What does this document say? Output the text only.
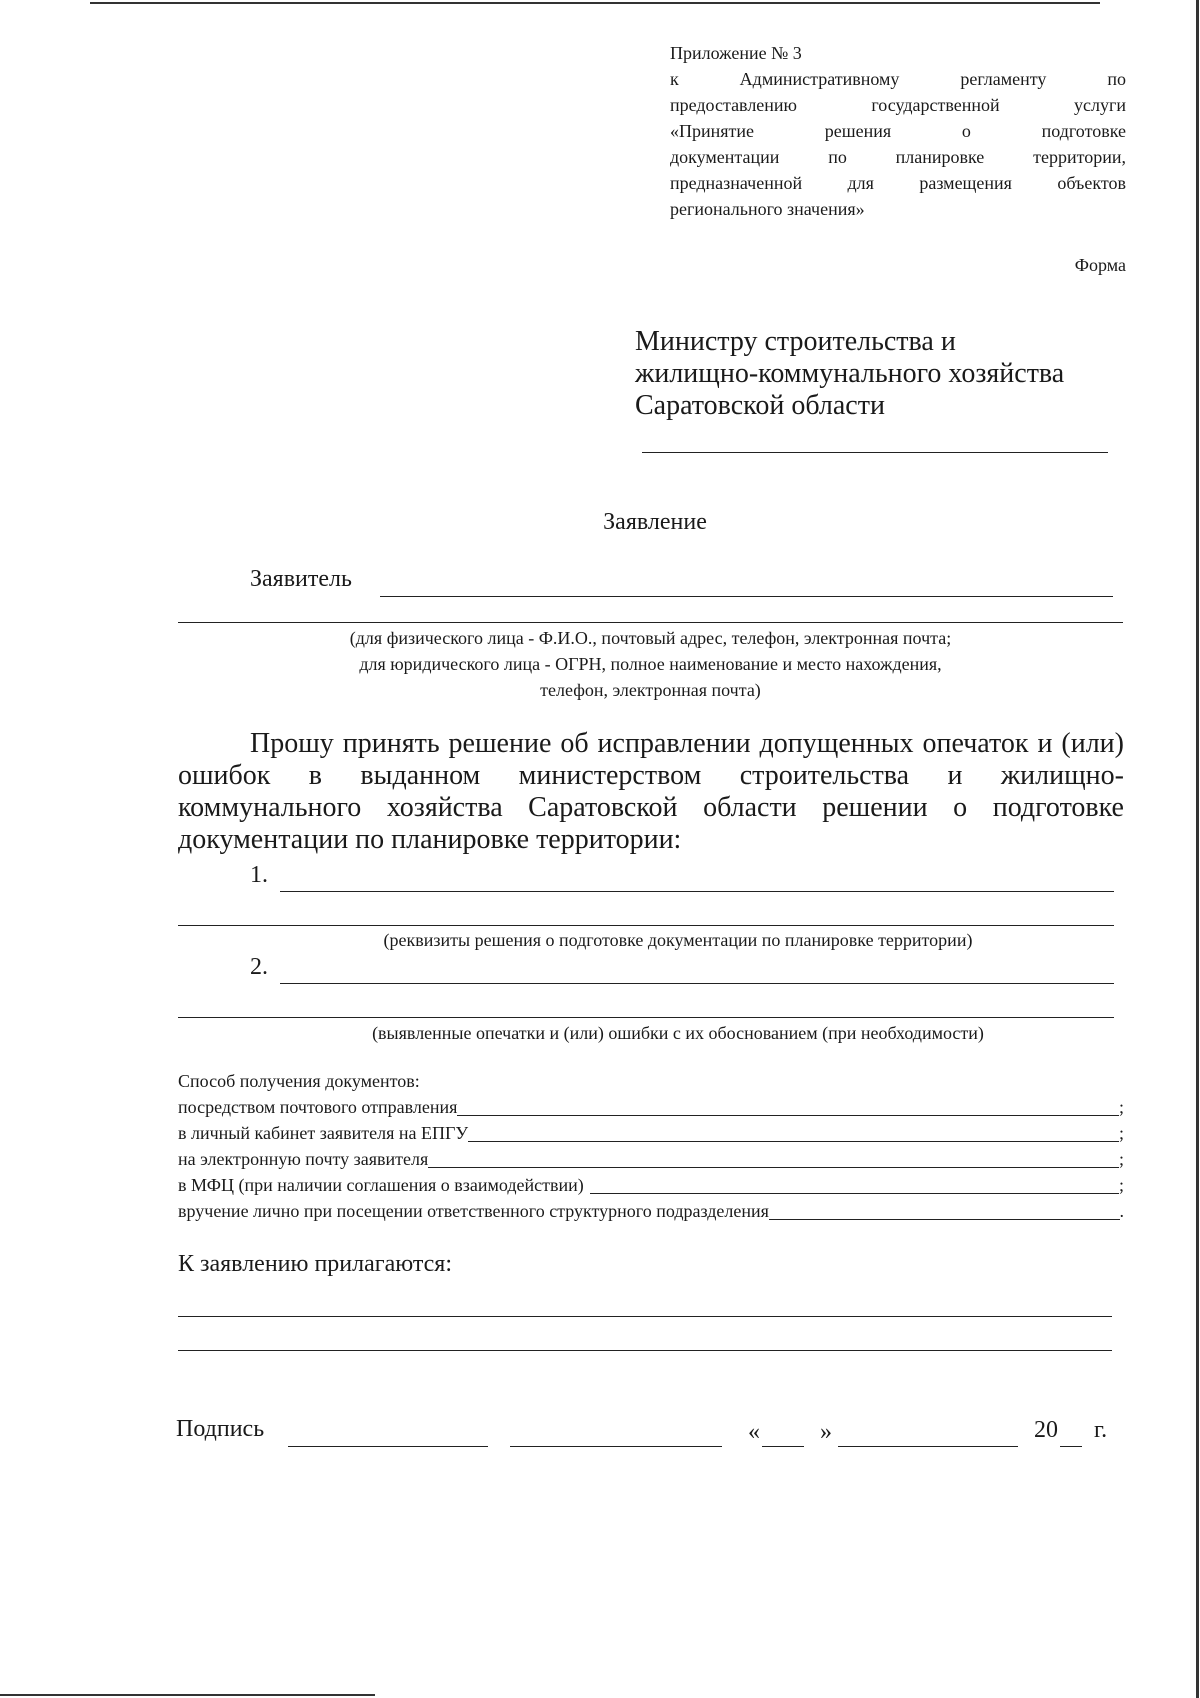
Приложение № 3
к Административному регламенту по
предоставлению государственной услуги
«Принятие решения о подготовке
документации по планировке территории,
предназначенной для размещения объектов
регионального значения»
Форма
Министру строительства и
жилищно-коммунального хозяйства
Саратовской области
Заявление
Заявитель
(для физического лица - Ф.И.О., почтовый адрес, телефон, электронная почта;
для юридического лица - ОГРН, полное наименование и место нахождения,
телефон, электронная почта)
Прошу принять решение об исправлении допущенных опечаток и (или)
ошибок в выданном министерством строительства и жилищно-
коммунального хозяйства Саратовской области решении о подготовке
документации по планировке территории:
1.
(реквизиты решения о подготовке документации по планировке территории)
2.
(выявленные опечатки и (или) ошибки с их обоснованием (при необходимости)
Способ получения документов:
посредством почтового отправления	;
в личный кабинет заявителя на ЕПГУ	;
на электронную почту заявителя	;
в МФЦ (при наличии соглашения о взаимодействии)	;
вручение лично при посещении ответственного структурного подразделения	.
К заявлению прилагаются:
Подпись	«	»	20 г.
